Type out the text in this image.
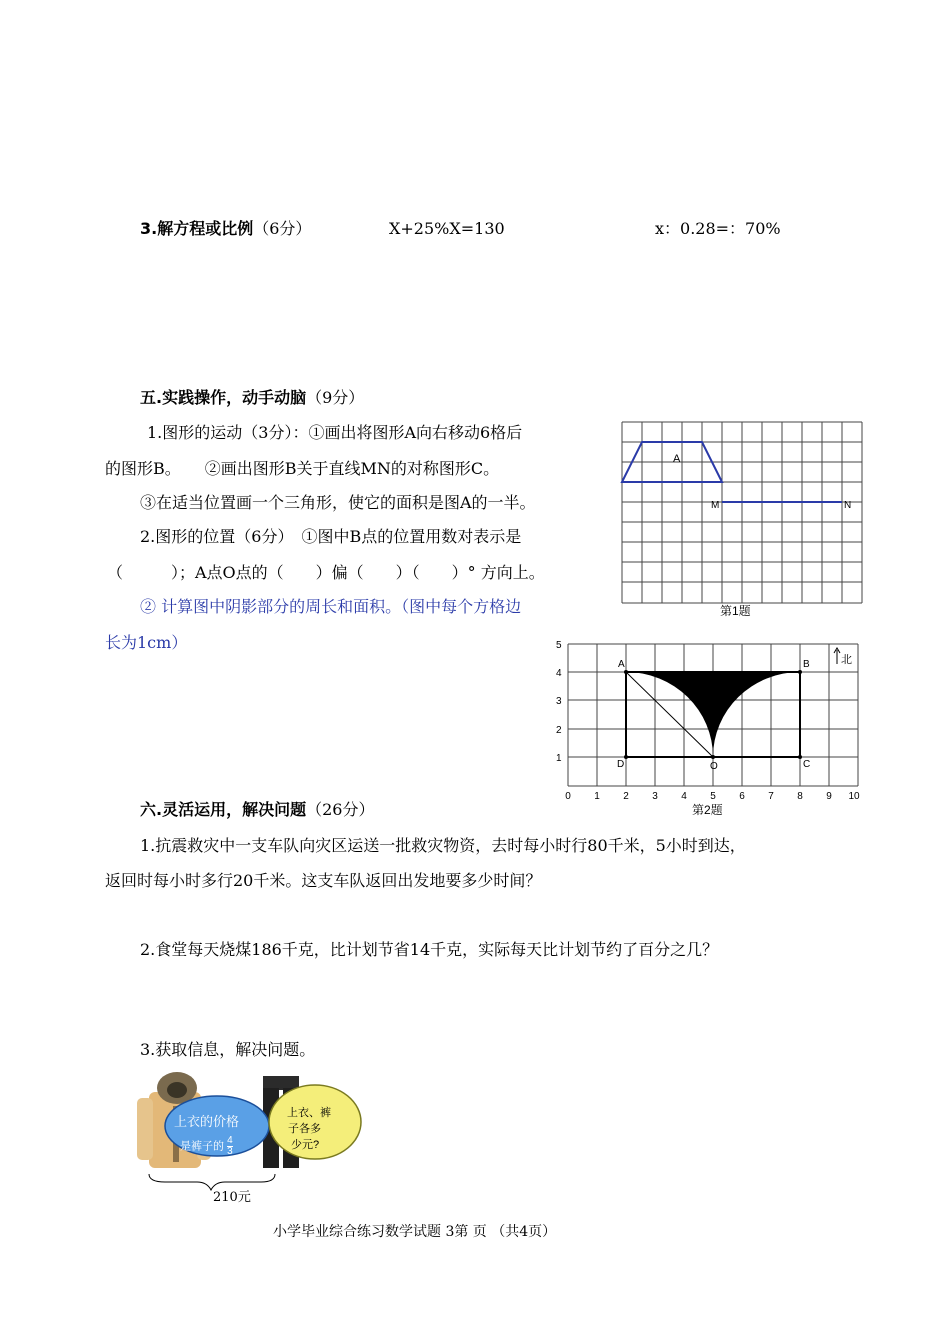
3.解方程或比例（6分）	X+25%X=130	x：0.28=：70%
五.实践操作，动手动脑（9分）
1.图形的运动（3分）：①画出将图形A向右移动6格后
的图形B。　　②画出图形B关于直线MN的对称图形C。
③在适当位置画一个三角形，使它的面积是图A的一半。
2.图形的位置（6分）　①图中B点的位置用数对表示是
（　　　）；A点O点的（　　）偏（　　）（　　）° 方向上。
② 计算图中阴影部分的周长和面积。（图中每个方格边
长为1cm）
A
M	N
第1题
A	B
C
D	O
北
1
2
3
4
5
0 1 2 3 4 5 6 7 8 9 10
第2题
六.灵活运用，解决问题（26分）
1.抗震救灾中一支车队向灾区运送一批救灾物资，去时每小时行80千米，5小时到达，
返回时每小时多行20千米。这支车队返回出发地要多少时间？
2.食堂每天烧煤186千克，比计划节省14千克，实际每天比计划节约了百分之几？
3.获取信息，解决问题。
上衣的价格
是裤子的 $\frac{4}{3}$
上衣、裤
子各多
少元?
210元
小学毕业综合练习数学试题 3第 页 （共4页）
